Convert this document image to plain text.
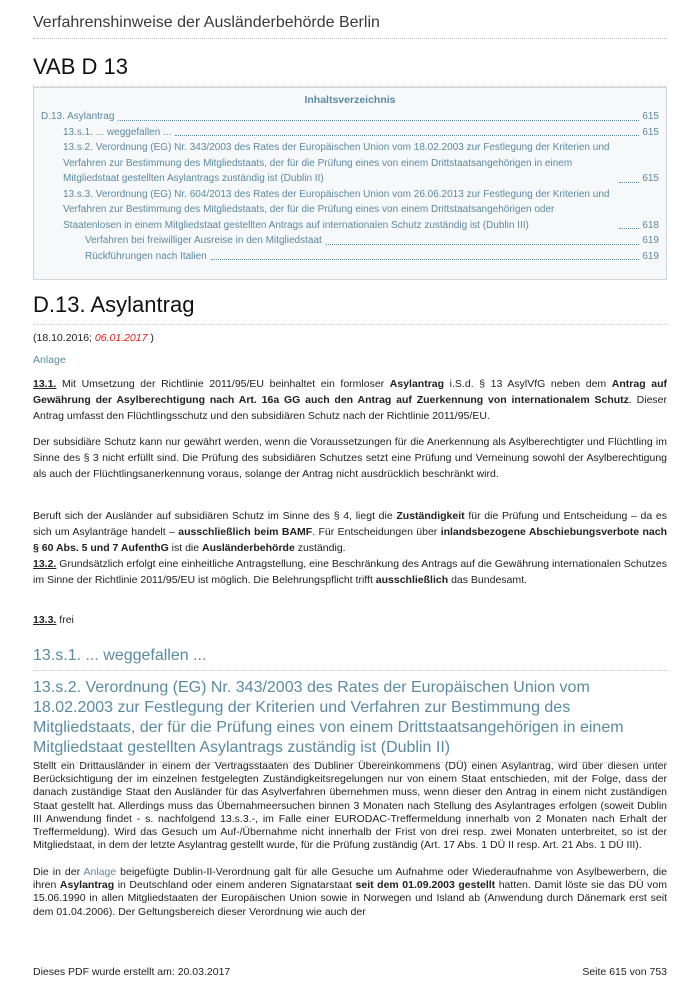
Verfahrenshinweise der Ausländerbehörde Berlin
VAB D 13
Inhaltsverzeichnis
D.13. Asylantrag	615
13.s.1. ... weggefallen ...	615
13.s.2. Verordnung (EG) Nr. 343/2003 des Rates der Europäischen Union vom 18.02.2003 zur Festlegung der Kriterien und Verfahren zur Bestimmung des Mitgliedstaats, der für die Prüfung eines von einem Drittstaatsangehörigen in einem Mitgliedstaat gestellten Asylantrags zuständig ist (Dublin II)	615
13.s.3. Verordnung (EG) Nr. 604/2013 des Rates der Europäischen Union vom 26.06.2013 zur Festlegung der Kriterien und Verfahren zur Bestimmung des Mitgliedstaats, der für die Prüfung eines von einem Drittstaatsangehörigen oder Staatenlosen in einem Mitgliedstaat gestellten Antrags auf internationalen Schutz zuständig ist (Dublin III)	618
Verfahren bei freiwilliger Ausreise in den Mitgliedstaat	619
Rückführungen nach Italien	619
D.13. Asylantrag
(18.10.2016; 06.01.2017 )
Anlage
13.1. Mit Umsetzung der Richtlinie 2011/95/EU beinhaltet ein formloser Asylantrag i.S.d. § 13 AsylVfG neben dem Antrag auf Gewährung der Asylberechtigung nach Art. 16a GG auch den Antrag auf Zuerkennung von internationalem Schutz. Dieser Antrag umfasst den Flüchtlingsschutz und den subsidiären Schutz nach der Richtlinie 2011/95/EU.
Der subsidiäre Schutz kann nur gewährt werden, wenn die Voraussetzungen für die Anerkennung als Asylberechtigter und Flüchtling im Sinne des § 3 nicht erfüllt sind. Die Prüfung des subsidiären Schutzes setzt eine Prüfung und Verneinung sowohl der Asylberechtigung als auch der Flüchtlingsanerkennung voraus, solange der Antrag nicht ausdrücklich beschränkt wird.
Beruft sich der Ausländer auf subsidiären Schutz im Sinne des § 4, liegt die Zuständigkeit für die Prüfung und Entscheidung – da es sich um Asylanträge handelt – ausschließlich beim BAMF. Für Entscheidungen über inlandsbezogene Abschiebungsverbote nach § 60 Abs. 5 und 7 AufenthG ist die Ausländerbehörde zuständig.
13.2. Grundsätzlich erfolgt eine einheitliche Antragstellung, eine Beschränkung des Antrags auf die Gewährung internationalen Schutzes im Sinne der Richtlinie 2011/95/EU ist möglich. Die Belehrungspflicht trifft ausschließlich das Bundesamt.
13.3. frei
13.s.1. ... weggefallen ...
13.s.2. Verordnung (EG) Nr. 343/2003 des Rates der Europäischen Union vom 18.02.2003 zur Festlegung der Kriterien und Verfahren zur Bestimmung des Mitgliedstaats, der für die Prüfung eines von einem Drittstaatsangehörigen in einem Mitgliedstaat gestellten Asylantrags zuständig ist (Dublin II)
Stellt ein Drittausländer in einem der Vertragsstaaten des Dubliner Übereinkommens (DÜ) einen Asylantrag, wird über diesen unter Berücksichtigung der im einzelnen festgelegten Zuständigkeitsregelungen nur von einem Staat entschieden, mit der Folge, dass der danach zuständige Staat den Ausländer für das Asylverfahren übernehmen muss, wenn dieser den Antrag in einem nicht zuständigen Staat gestellt hat. Allerdings muss das Übernahmeersuchen binnen 3 Monaten nach Stellung des Asylantrages erfolgen (soweit Dublin III Anwendung findet - s. nachfolgend 13.s.3.-, im Falle einer EURODAC-Treffermeldung innerhalb von 2 Monaten nach Erhalt der Treffermeldung). Wird das Gesuch um Auf-/Übernahme nicht innerhalb der Frist von drei resp. zwei Monaten unterbreitet, so ist der Mitgliedstaat, in dem der letzte Asylantrag gestellt wurde, für die Prüfung zuständig (Art. 17 Abs. 1 DÜ II resp. Art. 21 Abs. 1 DÜ III).
Die in der Anlage beigefügte Dublin-II-Verordnung galt für alle Gesuche um Aufnahme oder Wiederaufnahme von Asylbewerbern, die ihren Asylantrag in Deutschland oder einem anderen Signatarstaat seit dem 01.09.2003 gestellt hatten. Damit löste sie das DÜ vom 15.06.1990 in allen Mitgliedstaaten der Europäischen Union sowie in Norwegen und Island ab (Anwendung durch Dänemark erst seit dem 01.04.2006). Der Geltungsbereich dieser Verordnung wie auch der
Dieses PDF wurde erstellt am: 20.03.2017	Seite 615 von 753
